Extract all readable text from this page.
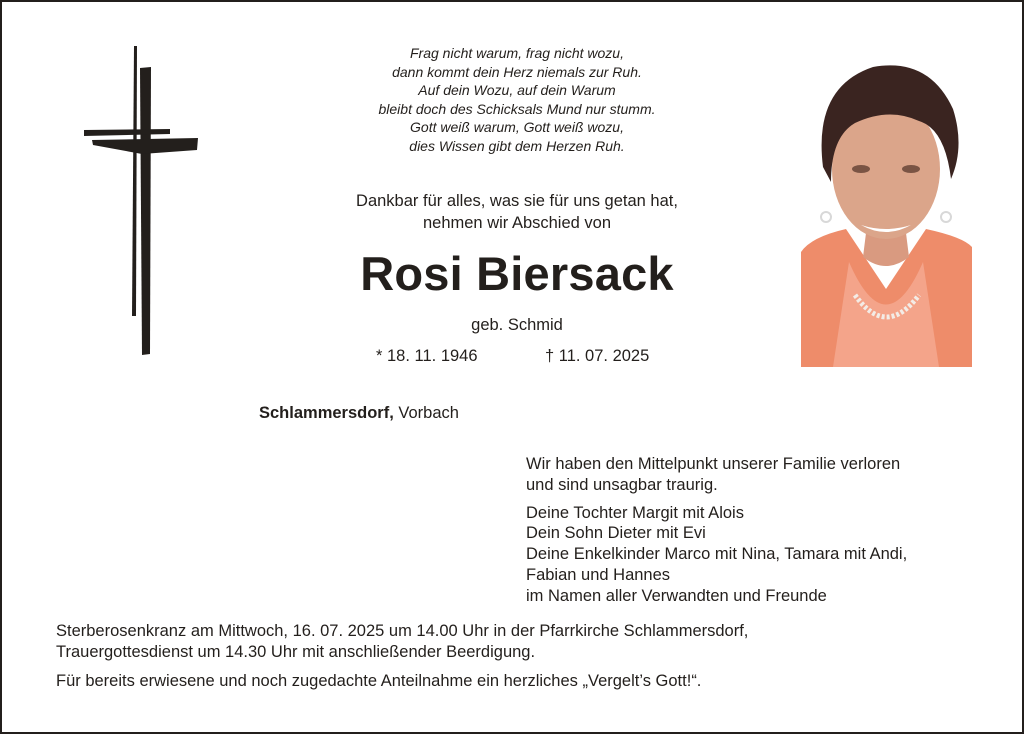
Frag nicht warum, frag nicht wozu,
dann kommt dein Herz niemals zur Ruh.
Auf dein Wozu, auf dein Warum
bleibt doch des Schicksals Mund nur stumm.
Gott weiß warum, Gott weiß wozu,
dies Wissen gibt dem Herzen Ruh.
Dankbar für alles, was sie für uns getan hat,
nehmen wir Abschied von
Rosi Biersack
geb. Schmid
* 18. 11. 1946	† 11. 07. 2025
Schlammersdorf, Vorbach
Wir haben den Mittelpunkt unserer Familie verloren
und sind unsagbar traurig.
Deine Tochter Margit mit Alois
Dein Sohn Dieter mit Evi
Deine Enkelkinder Marco mit Nina, Tamara mit Andi,
Fabian und Hannes
im Namen aller Verwandten und Freunde
Sterberosenkranz am Mittwoch, 16. 07. 2025 um 14.00 Uhr in der Pfarrkirche Schlammersdorf,
Trauergottesdienst um 14.30 Uhr mit anschließender Beerdigung.
Für bereits erwiesene und noch zugedachte Anteilnahme ein herzliches „Vergelt’s Gott!“.
